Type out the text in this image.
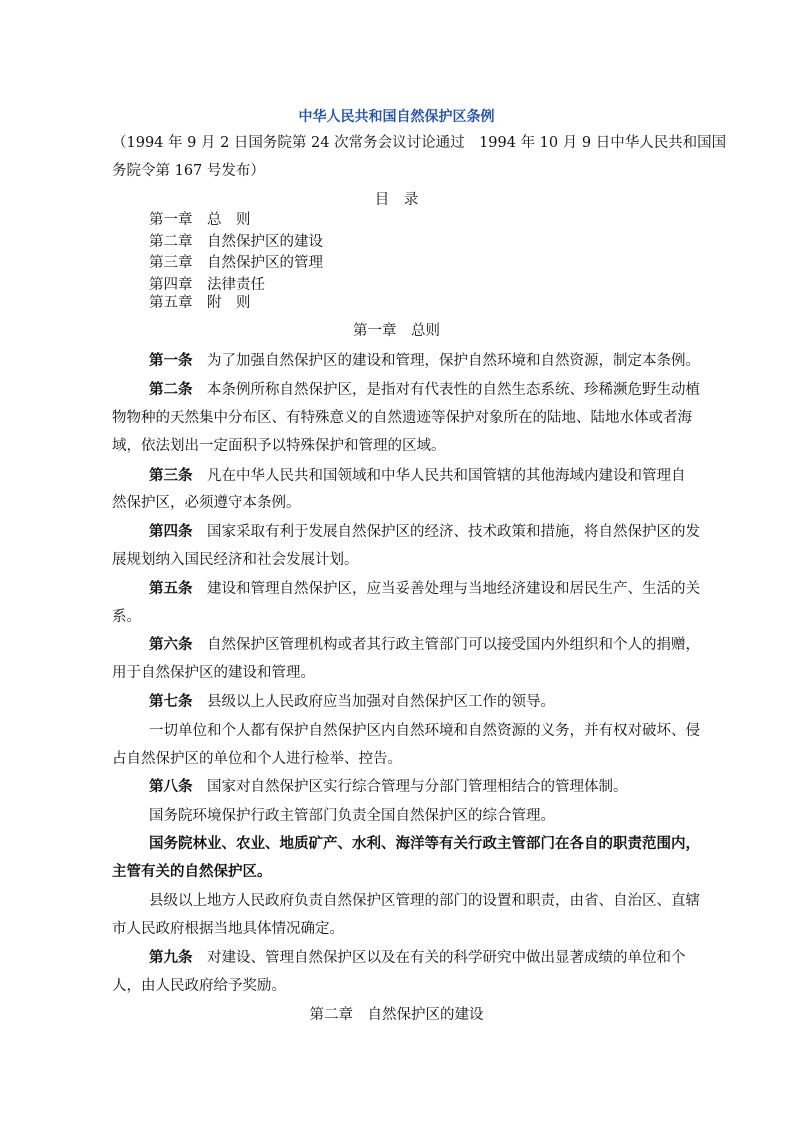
中华人民共和国自然保护区条例
（1994 年 9 月 2 日国务院第 24 次常务会议讨论通过　1994 年 10 月 9 日中华人民共和国国
务院令第 167 号发布）
目　录
第一章　总　则
第二章　自然保护区的建设
第三章　自然保护区的管理
第四章　法律责任
第五章　附　则
第一章　总则
第一条　为了加强自然保护区的建设和管理，保护自然环境和自然资源，制定本条例。
第二条　本条例所称自然保护区，是指对有代表性的自然生态系统、珍稀濒危野生动植
物物种的天然集中分布区、有特殊意义的自然遗迹等保护对象所在的陆地、陆地水体或者海
域，依法划出一定面积予以特殊保护和管理的区域。
第三条　凡在中华人民共和国领域和中华人民共和国管辖的其他海域内建设和管理自
然保护区，必须遵守本条例。
第四条　国家采取有利于发展自然保护区的经济、技术政策和措施，将自然保护区的发
展规划纳入国民经济和社会发展计划。
第五条　建设和管理自然保护区，应当妥善处理与当地经济建设和居民生产、生活的关
系。
第六条　自然保护区管理机构或者其行政主管部门可以接受国内外组织和个人的捐赠，
用于自然保护区的建设和管理。
第七条　县级以上人民政府应当加强对自然保护区工作的领导。
一切单位和个人都有保护自然保护区内自然环境和自然资源的义务，并有权对破坏、侵
占自然保护区的单位和个人进行检举、控告。
第八条　国家对自然保护区实行综合管理与分部门管理相结合的管理体制。
国务院环境保护行政主管部门负责全国自然保护区的综合管理。
国务院林业、农业、地质矿产、水利、海洋等有关行政主管部门在各自的职责范围内，
主管有关的自然保护区。
县级以上地方人民政府负责自然保护区管理的部门的设置和职责，由省、自治区、直辖
市人民政府根据当地具体情况确定。
第九条　对建设、管理自然保护区以及在有关的科学研究中做出显著成绩的单位和个
人，由人民政府给予奖励。
第二章　自然保护区的建设
